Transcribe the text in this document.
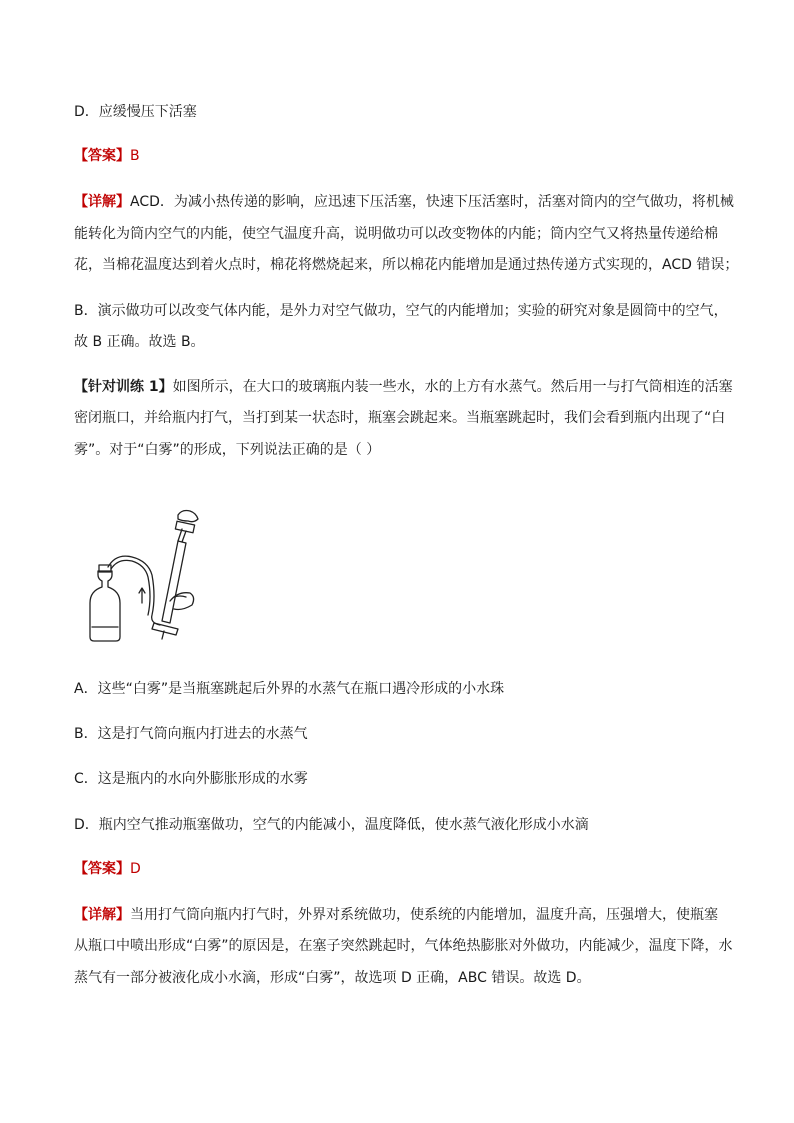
D．应缓慢压下活塞
【答案】B
【详解】ACD．为减小热传递的影响，应迅速下压活塞，快速下压活塞时，活塞对筒内的空气做功，将机械
能转化为筒内空气的内能，使空气温度升高，说明做功可以改变物体的内能；筒内空气又将热量传递给棉
花，当棉花温度达到着火点时，棉花将燃烧起来，所以棉花内能增加是通过热传递方式实现的，ACD 错误；
B．演示做功可以改变气体内能，是外力对空气做功，空气的内能增加；实验的研究对象是圆筒中的空气，
故 B 正确。故选 B。
【针对训练 1】如图所示，在大口的玻璃瓶内装一些水，水的上方有水蒸气。然后用一与打气筒相连的活塞
密闭瓶口，并给瓶内打气，当打到某一状态时，瓶塞会跳起来。当瓶塞跳起时，我们会看到瓶内出现了“白
雾”。对于“白雾”的形成，下列说法正确的是（ ）
A．这些“白雾”是当瓶塞跳起后外界的水蒸气在瓶口遇冷形成的小水珠
B．这是打气筒向瓶内打进去的水蒸气
C．这是瓶内的水向外膨胀形成的水雾
D．瓶内空气推动瓶塞做功，空气的内能减小，温度降低，使水蒸气液化形成小水滴
【答案】D
【详解】当用打气筒向瓶内打气时，外界对系统做功，使系统的内能增加，温度升高，压强增大，使瓶塞
从瓶口中喷出形成“白雾”的原因是，在塞子突然跳起时，气体绝热膨胀对外做功，内能减少，温度下降，水
蒸气有一部分被液化成小水滴，形成“白雾”，故选项 D 正确，ABC 错误。故选 D。
